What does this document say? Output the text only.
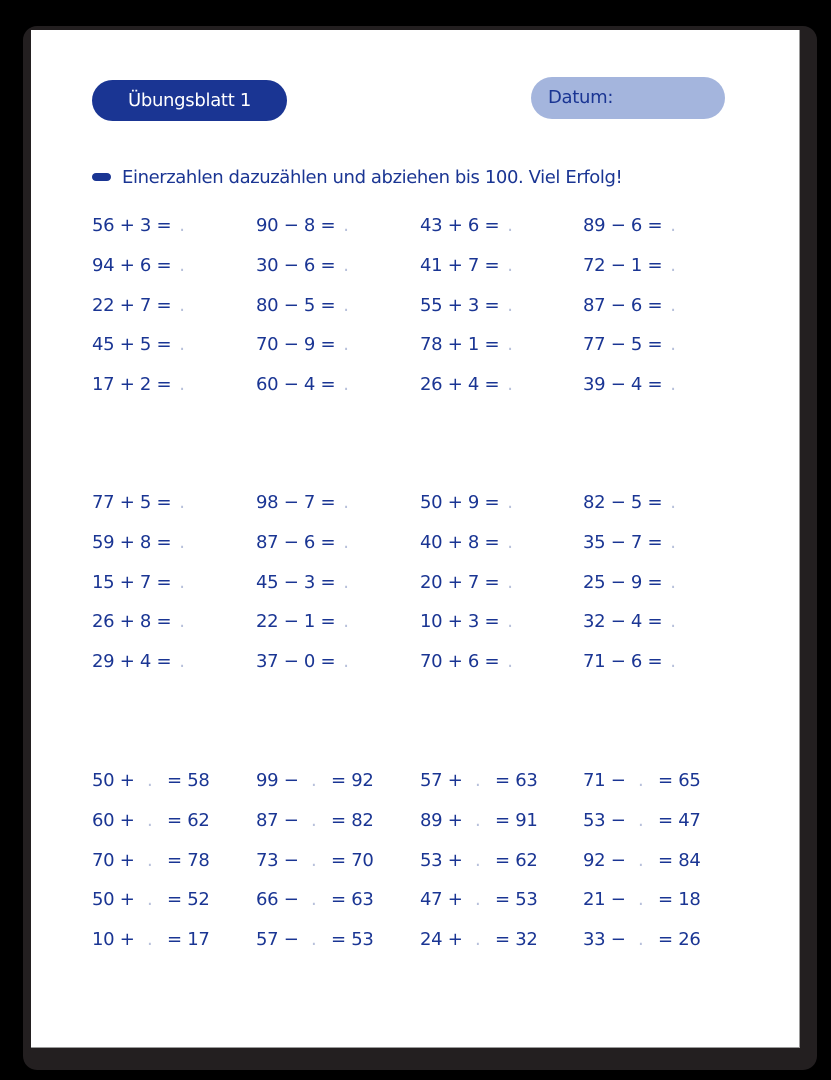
Übungsblatt 1	Datum:
Einerzahlen dazuzählen und abziehen bis 100. Viel Erfolg!
56 + 3 = .
94 + 6 = .
22 + 7 = .
45 + 5 = .
17 + 2 = .
90 − 8 = .
30 − 6 = .
80 − 5 = .
70 − 9 = .
60 − 4 = .
43 + 6 = .
41 + 7 = .
55 + 3 = .
78 + 1 = .
26 + 4 = .
89 − 6 = .
72 − 1 = .
87 − 6 = .
77 − 5 = .
39 − 4 = .
77 + 5 = .
59 + 8 = .
15 + 7 = .
26 + 8 = .
29 + 4 = .
98 − 7 = .
87 − 6 = .
45 − 3 = .
22 − 1 = .
37 − 0 = .
50 + 9 = .
40 + 8 = .
20 + 7 = .
10 + 3 = .
70 + 6 = .
82 − 5 = .
35 − 7 = .
25 − 9 = .
32 − 4 = .
71 − 6 = .
50 + . = 58
60 + . = 62
70 + . = 78
50 + . = 52
10 + . = 17
99 − . = 92
87 − . = 82
73 − . = 70
66 − . = 63
57 − . = 53
57 + . = 63
89 + . = 91
53 + . = 62
47 + . = 53
24 + . = 32
71 − . = 65
53 − . = 47
92 − . = 84
21 − . = 18
33 − . = 26
